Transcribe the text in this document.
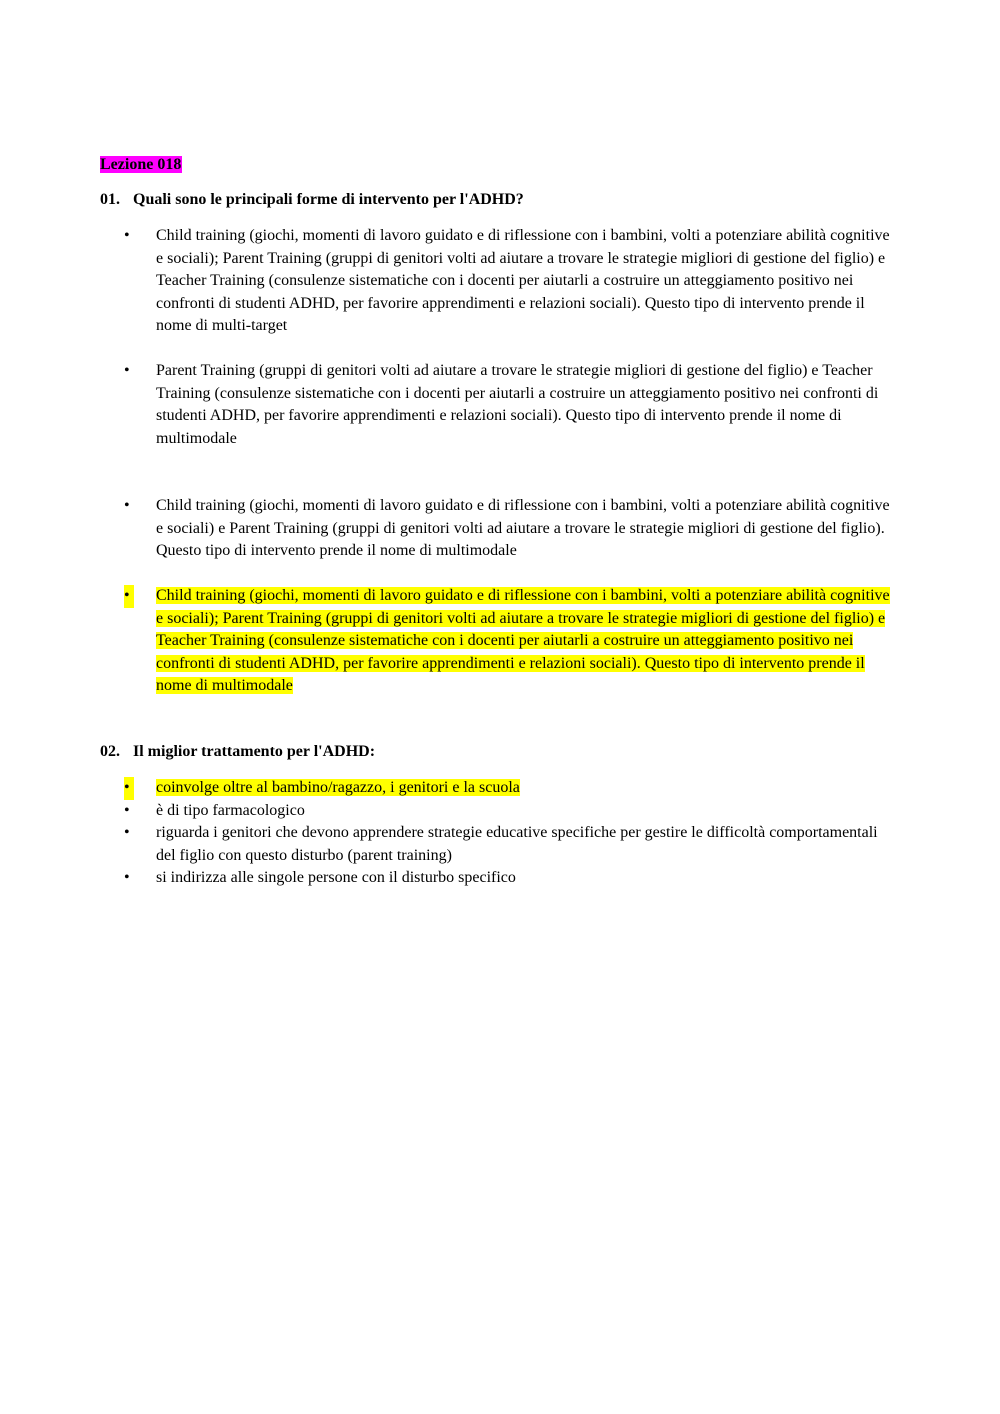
Lezione 018
01. Quali sono le principali forme di intervento per l'ADHD?
• Child training (giochi, momenti di lavoro guidato e di riflessione con i bambini, volti a potenziare abilità cognitive e sociali); Parent Training (gruppi di genitori volti ad aiutare a trovare le strategie migliori di gestione del figlio) e Teacher Training (consulenze sistematiche con i docenti per aiutarli a costruire un atteggiamento positivo nei confronti di studenti ADHD, per favorire apprendimenti e relazioni sociali). Questo tipo di intervento prende il nome di multi-target
• Parent Training (gruppi di genitori volti ad aiutare a trovare le strategie migliori di gestione del figlio) e Teacher Training (consulenze sistematiche con i docenti per aiutarli a costruire un atteggiamento positivo nei confronti di studenti ADHD, per favorire apprendimenti e relazioni sociali). Questo tipo di intervento prende il nome di multimodale
• Child training (giochi, momenti di lavoro guidato e di riflessione con i bambini, volti a potenziare abilità cognitive e sociali) e Parent Training (gruppi di genitori volti ad aiutare a trovare le strategie migliori di gestione del figlio). Questo tipo di intervento prende il nome di multimodale
• Child training (giochi, momenti di lavoro guidato e di riflessione con i bambini, volti a potenziare abilità cognitive e sociali); Parent Training (gruppi di genitori volti ad aiutare a trovare le strategie migliori di gestione del figlio) e Teacher Training (consulenze sistematiche con i docenti per aiutarli a costruire un atteggiamento positivo nei confronti di studenti ADHD, per favorire apprendimenti e relazioni sociali). Questo tipo di intervento prende il nome di multimodale
02. Il miglior trattamento per l'ADHD:
• coinvolge oltre al bambino/ragazzo, i genitori e la scuola
• è di tipo farmacologico
• riguarda i genitori che devono apprendere strategie educative specifiche per gestire le difficoltà comportamentali del figlio con questo disturbo (parent training)
• si indirizza alle singole persone con il disturbo specifico
